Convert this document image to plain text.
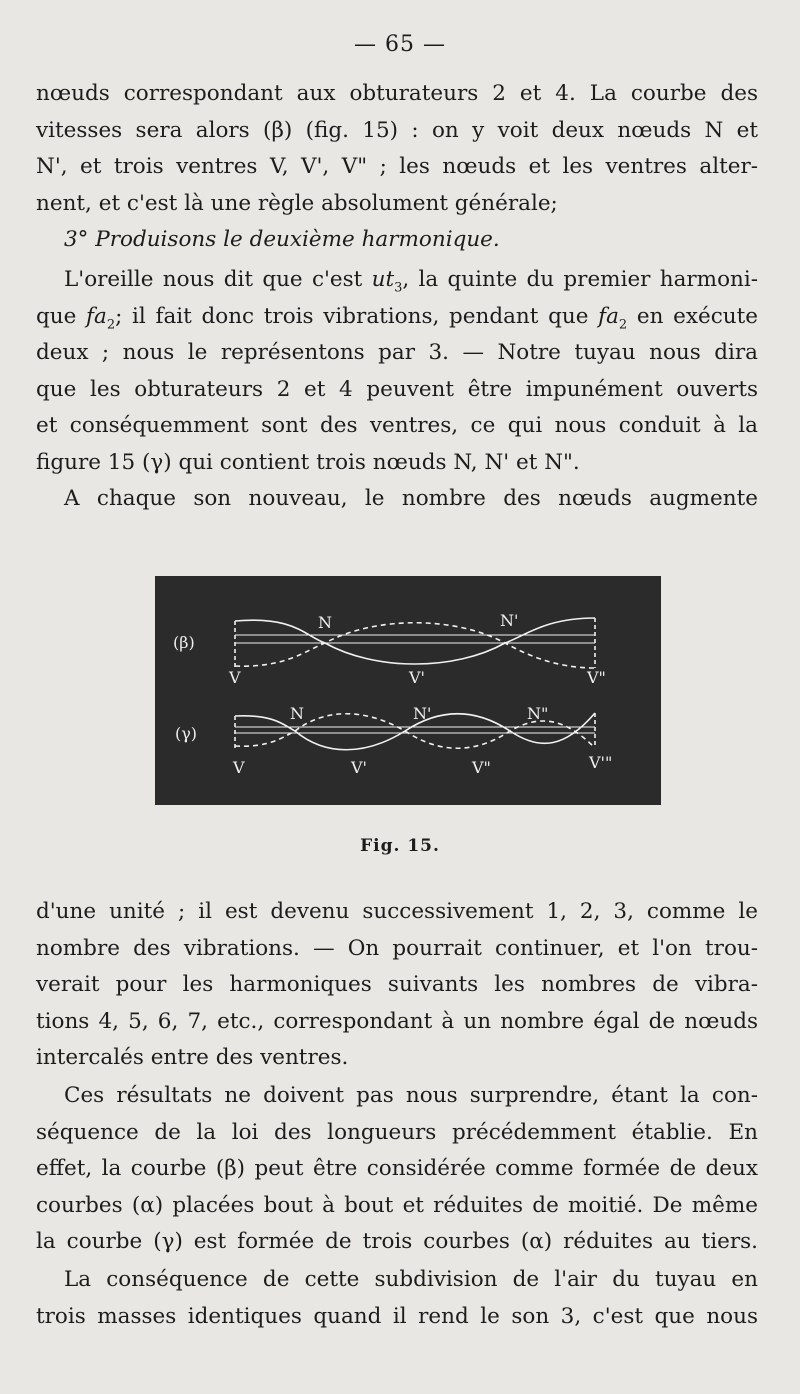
— 65 —
nœuds correspondant aux obturateurs 2 et 4. La courbe des
vitesses sera alors (β) (fig. 15) : on y voit deux nœuds N et
N', et trois ventres V, V', V" ; les nœuds et les ventres alter-
nent, et c'est là une règle absolument générale;
3° Produisons le deuxième harmonique.
L'oreille nous dit que c'est $ut_3$, la quinte du premier harmoni-
que $fa_2$; il fait donc trois vibrations, pendant que $fa_2$ en exécute
deux ; nous le représentons par 3. — Notre tuyau nous dira
que les obturateurs 2 et 4 peuvent être impunément ouverts
et conséquemment sont des ventres, ce qui nous conduit à la
figure 15 (γ) qui contient trois nœuds N, N' et N".
A chaque son nouveau, le nombre des nœuds augmente
(β)
N	N'
V	V'	V"
(γ)
N	N'	N"
V	V'	V"	V'"
Fig. 15.
d'une unité ; il est devenu successivement 1, 2, 3, comme le
nombre des vibrations. — On pourrait continuer, et l'on trou-
verait pour les harmoniques suivants les nombres de vibra-
tions 4, 5, 6, 7, etc., correspondant à un nombre égal de nœuds
intercalés entre des ventres.
Ces résultats ne doivent pas nous surprendre, étant la con-
séquence de la loi des longueurs précédemment établie. En
effet, la courbe (β) peut être considérée comme formée de deux
courbes (α) placées bout à bout et réduites de moitié. De même
la courbe (γ) est formée de trois courbes (α) réduites au tiers.
La conséquence de cette subdivision de l'air du tuyau en
trois masses identiques quand il rend le son 3, c'est que nous
